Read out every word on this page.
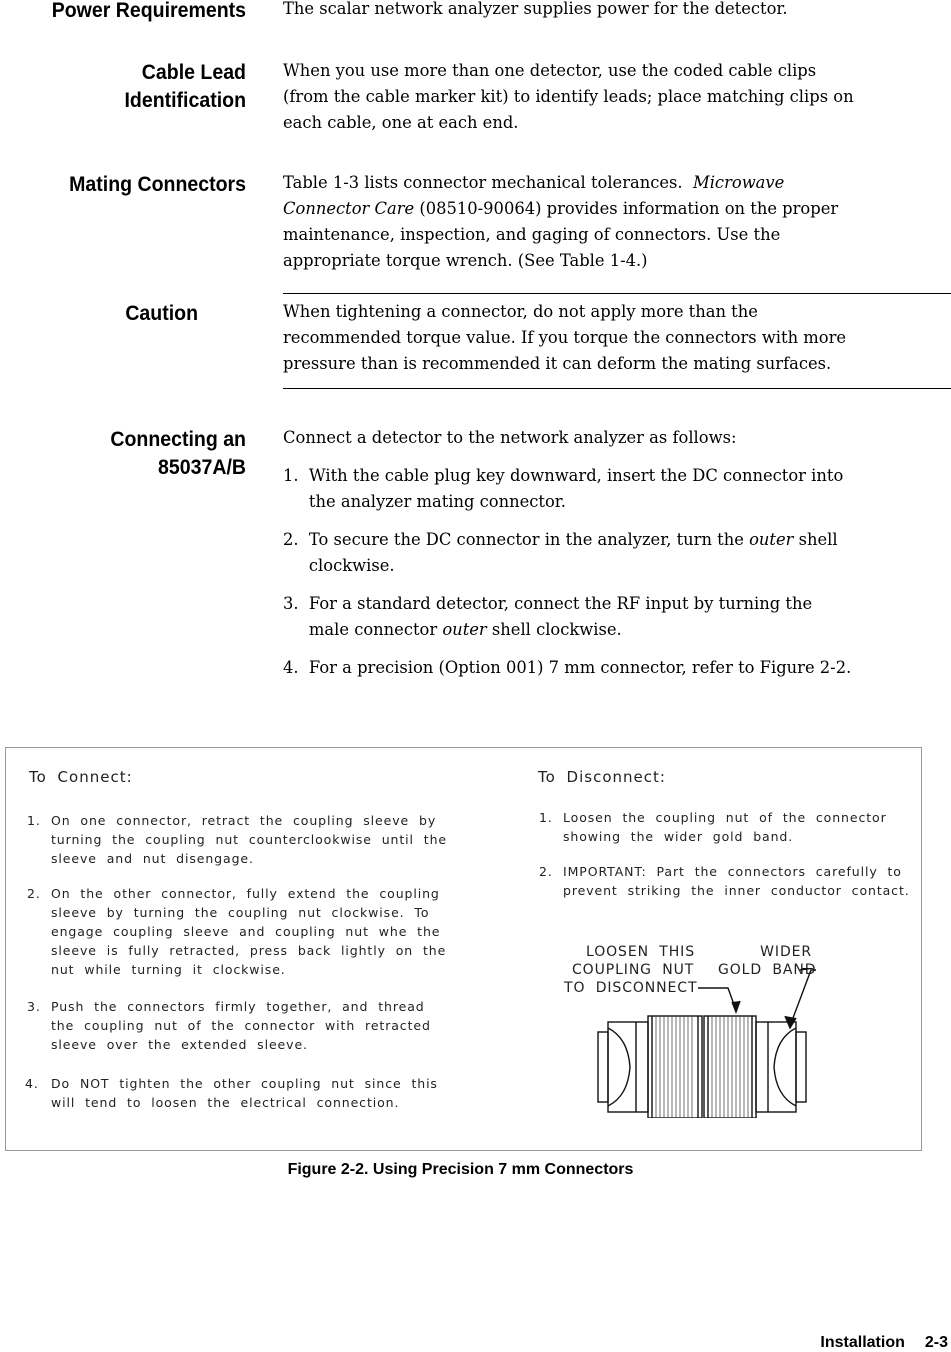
Power Requirements The scalar network analyzer supplies power for the detector.
Cable Lead
Identification
When you use more than one detector, use the coded cable clips
(from the cable marker kit) to identify leads; place matching clips on
each cable, one at each end.
Mating Connectors Table 1-3 lists connector mechanical tolerances. Microwave
Connector Care (08510-90064) provides information on the proper
maintenance, inspection, and gaging of connectors. Use the
appropriate torque wrench. (See Table 1-4.)
Caution	When tightening a connector, do not apply more than the
recommended torque value. If you torque the connectors with more
pressure than is recommended it can deform the mating surfaces.
Connecting an
85037A/B
Connect a detector to the network analyzer as follows:
1. With the cable plug key downward, insert the DC connector into
the analyzer mating connector.
2. To secure the DC connector in the analyzer, turn the outer shell
clockwise.
3. For a standard detector, connect the RF input by turning the
male connector outer shell clockwise.
4. For a precision (Option 001) 7 mm connector, refer to Figure 2-2.
To Connect:
1. On one connector, retract the coupling sleeve by
turning the coupling nut counterclookwise until the
sleeve and nut disengage.
2. On the other connector, fully extend the coupling
sleeve by turning the coupling nut clockwise. To
engage coupling sleeve and coupling nut whe the
sleeve is fully retracted, press back lightly on the
nut while turning it clockwise.
3. Push the connectors firmly together, and thread
the coupling nut of the connector with retracted
sleeve over the extended sleeve.
4. Do NOT tighten the other coupling nut since this
will tend to loosen the electrical connection.
To Disconnect:
1. Loosen the coupling nut of the connector
showing the wider gold band.
2. IMPORTANT: Part the connectors carefully to
prevent striking the inner conductor contact.
LOOSEN THIS
COUPLING NUT
TO DISCONNECT
WIDER
GOLD BAND
Figure 2-2. Using Precision 7 mm Connectors
Installation 2-3
